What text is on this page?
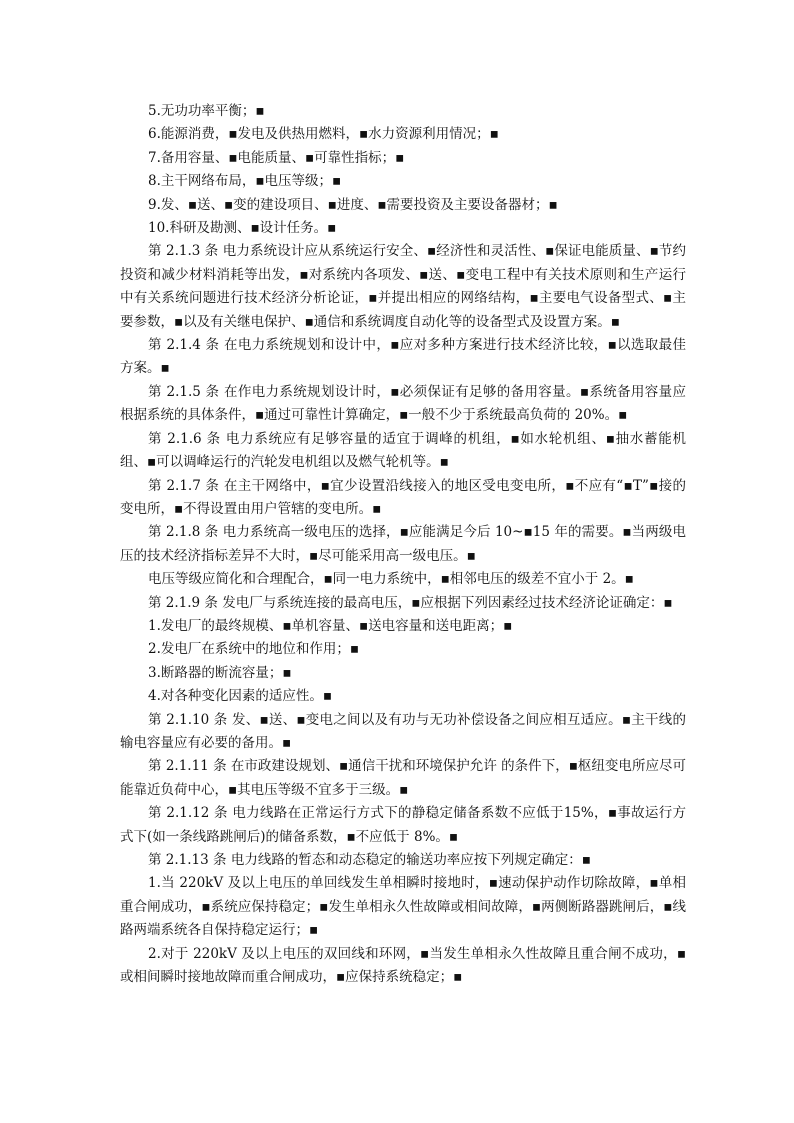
5.无功功率平衡；▪

6.能源消费，▪发电及供热用燃料，▪水力资源利用情况；▪

7.备用容量、▪电能质量、▪可靠性指标；▪

8.主干网络布局，▪电压等级；▪

9.发、▪送、▪变的建设项目、▪进度、▪需要投资及主要设备器材；▪

10.科研及勘测、▪设计任务。▪

第 2.1.3 条 电力系统设计应从系统运行安全、▪经济性和灵活性、▪保证电能质量、▪节约投资和减少材料消耗等出发，▪对系统内各项发、▪送、▪变电工程中有关技术原则和生产运行中有关系统问题进行技术经济分析论证，▪并提出相应的网络结构，▪主要电气设备型式、▪主要参数，▪以及有关继电保护、▪通信和系统调度自动化等的设备型式及设置方案。▪

第 2.1.4 条 在电力系统规划和设计中，▪应对多种方案进行技术经济比较，▪以选取最佳方案。▪

第 2.1.5 条 在作电力系统规划设计时，▪必须保证有足够的备用容量。▪系统备用容量应根据系统的具体条件，▪通过可靠性计算确定，▪一般不少于系统最高负荷的 20%。▪

第 2.1.6 条 电力系统应有足够容量的适宜于调峰的机组，▪如水轮机组、▪抽水蓄能机组、▪可以调峰运行的汽轮发电机组以及燃气轮机等。▪

第 2.1.7 条 在主干网络中，▪宜少设置沿线接入的地区受电变电所，▪不应有“▪T”▪接的变电所，▪不得设置由用户管辖的变电所。▪

第 2.1.8 条 电力系统高一级电压的选择，▪应能满足今后 10~▪15 年的需要。▪当两级电压的技术经济指标差异不大时，▪尽可能采用高一级电压。▪

电压等级应简化和合理配合，▪同一电力系统中，▪相邻电压的级差不宜小于 2。▪

第 2.1.9 条 发电厂与系统连接的最高电压，▪应根据下列因素经过技术经济论证确定：▪

1.发电厂的最终规模、▪单机容量、▪送电容量和送电距离；▪

2.发电厂在系统中的地位和作用；▪

3.断路器的断流容量；▪

4.对各种变化因素的适应性。▪

第 2.1.10 条 发、▪送、▪变电之间以及有功与无功补偿设备之间应相互适应。▪主干线的输电容量应有必要的备用。▪

第 2.1.11 条 在市政建设规划、▪通信干扰和环境保护允许 的条件下，▪枢纽变电所应尽可能靠近负荷中心，▪其电压等级不宜多于三级。▪

第 2.1.12 条 电力线路在正常运行方式下的静稳定储备系数不应低于15%，▪事故运行方式下(如一条线路跳闸后)的储备系数，▪不应低于 8%。▪

第 2.1.13 条 电力线路的暂态和动态稳定的输送功率应按下列规定确定：▪

1.当 220kV 及以上电压的单回线发生单相瞬时接地时，▪速动保护动作切除故障，▪单相重合闸成功，▪系统应保持稳定；▪发生单相永久性故障或相间故障，▪两侧断路器跳闸后，▪线路两端系统各自保持稳定运行；▪

2.对于 220kV 及以上电压的双回线和环网，▪当发生单相永久性故障且重合闸不成功，▪或相间瞬时接地故障而重合闸成功，▪应保持系统稳定；▪
